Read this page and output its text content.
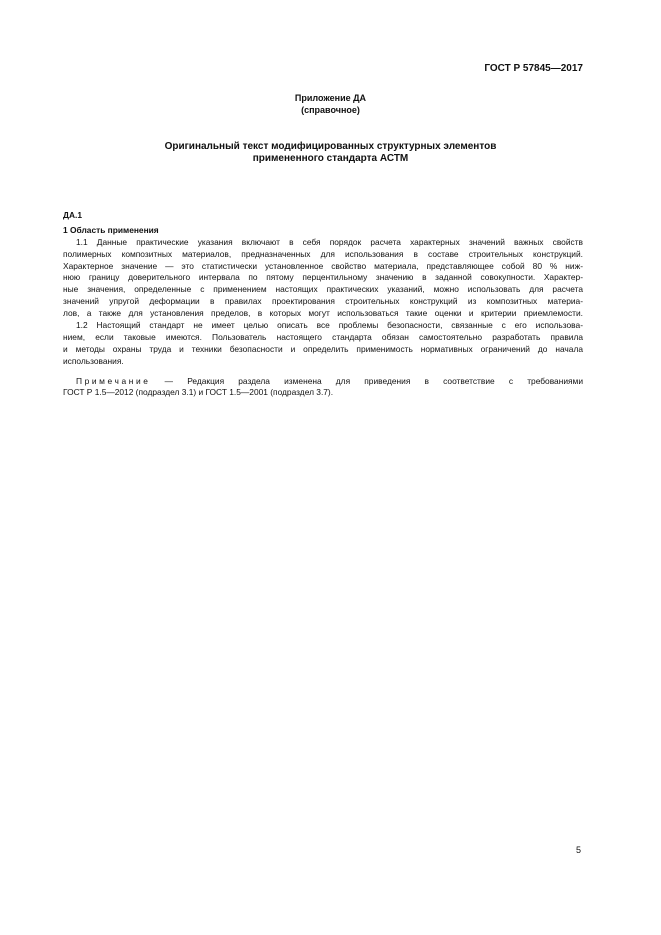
ГОСТ Р 57845—2017
Приложение ДА
(справочное)
Оригинальный текст модифицированных структурных элементов
примененного стандарта АСТМ
ДА.1
1 Область применения
1.1 Данные практические указания включают в себя порядок расчета характерных значений важных свойств
полимерных композитных материалов, предназначенных для использования в составе строительных конструкций.
Характерное значение — это статистически установленное свойство материала, представляющее собой 80 % ниж-
нюю границу доверительного интервала по пятому перцентильному значению в заданной совокупности. Характер-
ные значения, определенные с применением настоящих практических указаний, можно использовать для расчета
значений упругой деформации в правилах проектирования строительных конструкций из композитных материа-
лов, а также для установления пределов, в которых могут использоваться такие оценки и критерии приемлемости.
1.2 Настоящий стандарт не имеет целью описать все проблемы безопасности, связанные с его использова-
нием, если таковые имеются. Пользователь настоящего стандарта обязан самостоятельно разработать правила
и методы охраны труда и техники безопасности и определить применимость нормативных ограничений до начала
использования.
Примечание — Редакция раздела изменена для приведения в соответствие с требованиями
ГОСТ Р 1.5—2012 (подраздел 3.1) и ГОСТ 1.5—2001 (подраздел 3.7).
5
